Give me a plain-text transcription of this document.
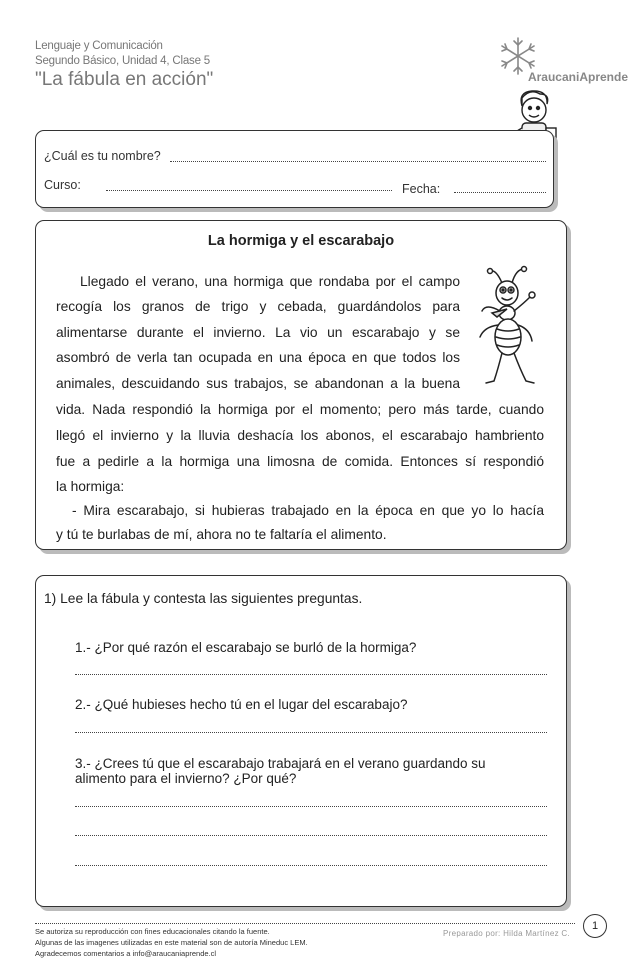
Lenguaje y Comunicación
Segundo Básico, Unidad 4, Clase 5
"La fábula en acción"	AraucaniAprende
¿Cuál es tu nombre?
Curso:	Fecha:
La hormiga y el escarabajo
Llegado el verano, una hormiga que rondaba por el campo
recogía los granos de trigo y cebada, guardándolos para
alimentarse durante el invierno. La vio un escarabajo y se
asombró de verla tan ocupada en una época en que todos los
animales, descuidando sus trabajos, se abandonan a la buena
vida. Nada respondió la hormiga por el momento; pero más tarde, cuando
llegó el invierno y la lluvia deshacía los abonos, el escarabajo hambriento
fue a pedirle a la hormiga una limosna de comida. Entonces sí respondió
la hormiga:
- Mira escarabajo, si hubieras trabajado en la época en que yo lo hacía
y tú te burlabas de mí, ahora no te faltaría el alimento.
1) Lee la fábula y contesta las siguientes preguntas.
1.- ¿Por qué razón el escarabajo se burló de la hormiga?
2.- ¿Qué hubieses hecho tú en el lugar del escarabajo?
3.- ¿Crees tú que el escarabajo trabajará en el verano guardando su alimento para el invierno? ¿Por qué?
Se autoriza su reproducción con fines educacionales citando la fuente.
Algunas de las imagenes utilizadas en este material son de autoría Mineduc LEM.
Agradecemos comentarios a info@araucaniaprende.cl
Preparado por: Hilda Martínez C.
1
